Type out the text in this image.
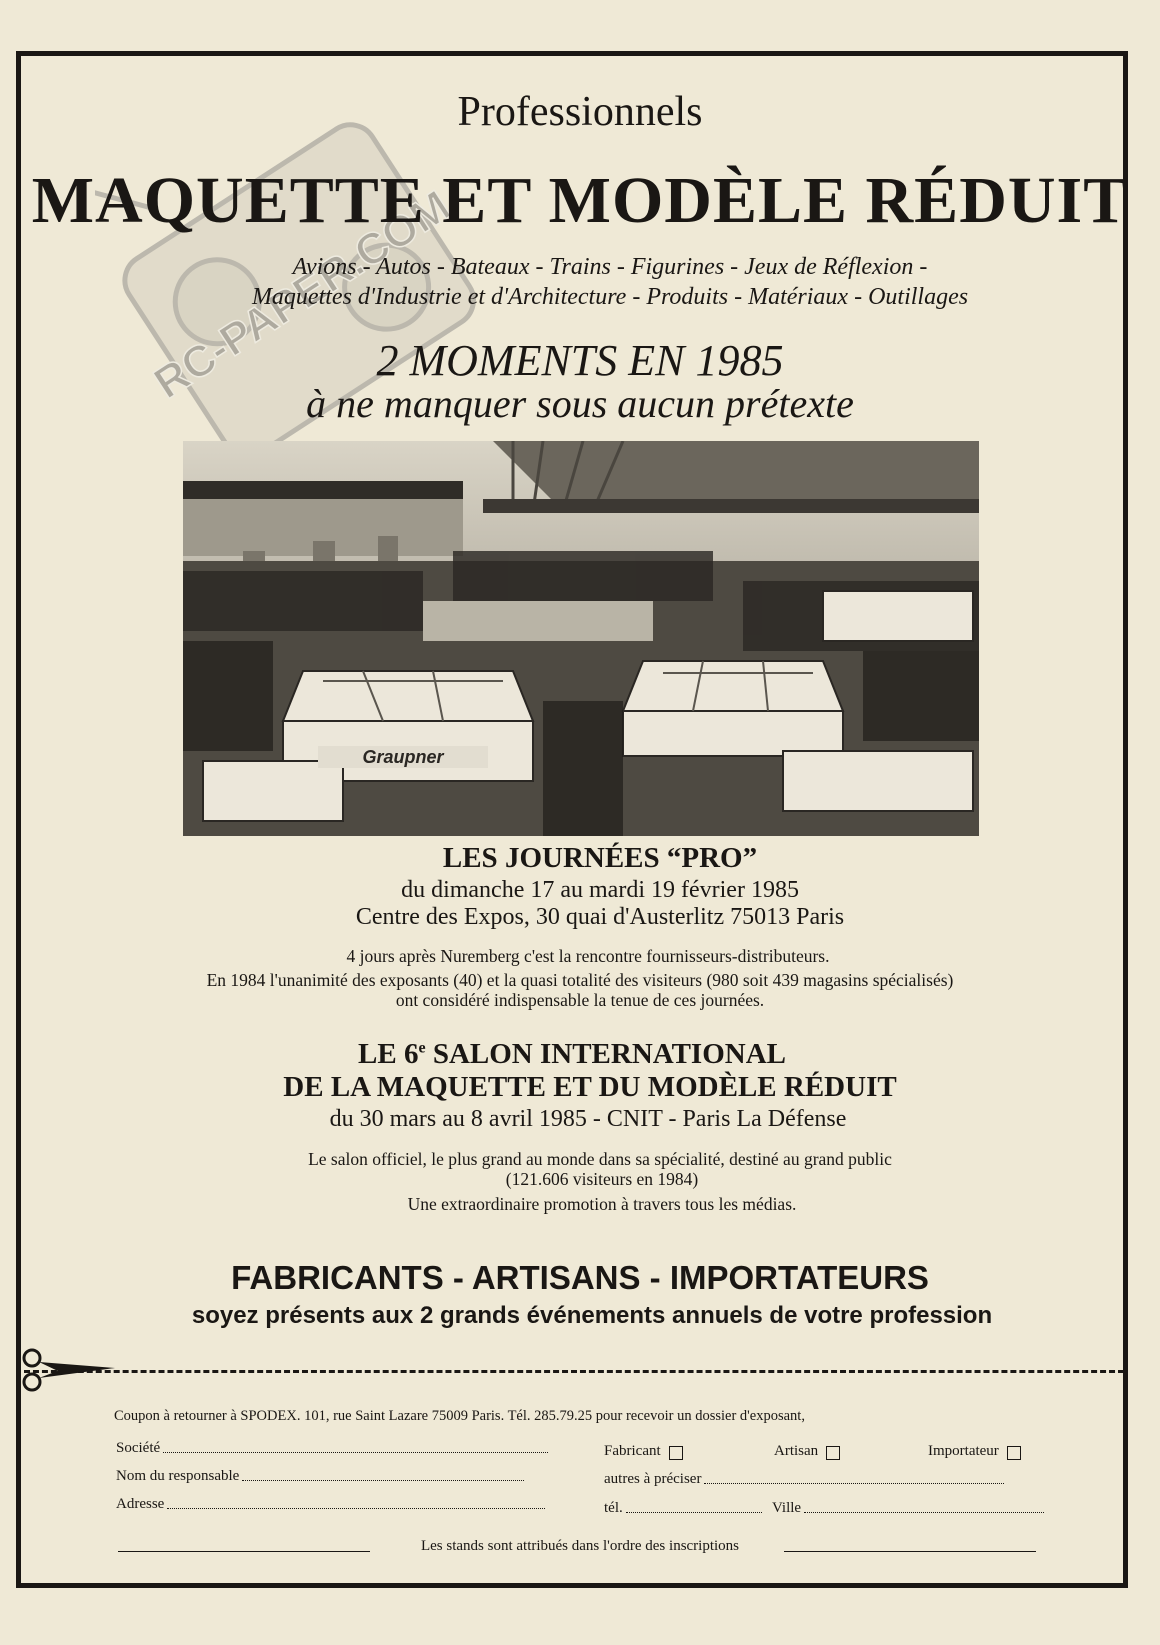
RC-PAPER.COM
Professionnels
MAQUETTE ET MODÈLE RÉDUIT
Avions - Autos - Bateaux - Trains - Figurines - Jeux de Réflexion -
Maquettes d'Industrie et d'Architecture - Produits - Matériaux - Outillages
2 MOMENTS EN 1985
à ne manquer sous aucun prétexte
Graupner
LES JOURNÉES “PRO”
du dimanche 17 au mardi 19 février 1985
Centre des Expos, 30 quai d'Austerlitz 75013 Paris
4 jours après Nuremberg c'est la rencontre fournisseurs-distributeurs.
En 1984 l'unanimité des exposants (40) et la quasi totalité des visiteurs (980 soit 439 magasins spécialisés)
ont considéré indispensable la tenue de ces journées.
LE 6e SALON INTERNATIONAL
DE LA MAQUETTE ET DU MODÈLE RÉDUIT
du 30 mars au 8 avril 1985 - CNIT - Paris La Défense
Le salon officiel, le plus grand au monde dans sa spécialité, destiné au grand public
(121.606 visiteurs en 1984)
Une extraordinaire promotion à travers tous les médias.
FABRICANTS - ARTISANS - IMPORTATEURS
soyez présents aux 2 grands événements annuels de votre profession
Coupon à retourner à SPODEX. 101, rue Saint Lazare 75009 Paris. Tél. 285.79.25 pour recevoir un dossier d'exposant,
Société
Nom du responsable
Adresse
Fabricant	Artisan	Importateur
autres à préciser
tél.	Ville
Les stands sont attribués dans l'ordre des inscriptions
